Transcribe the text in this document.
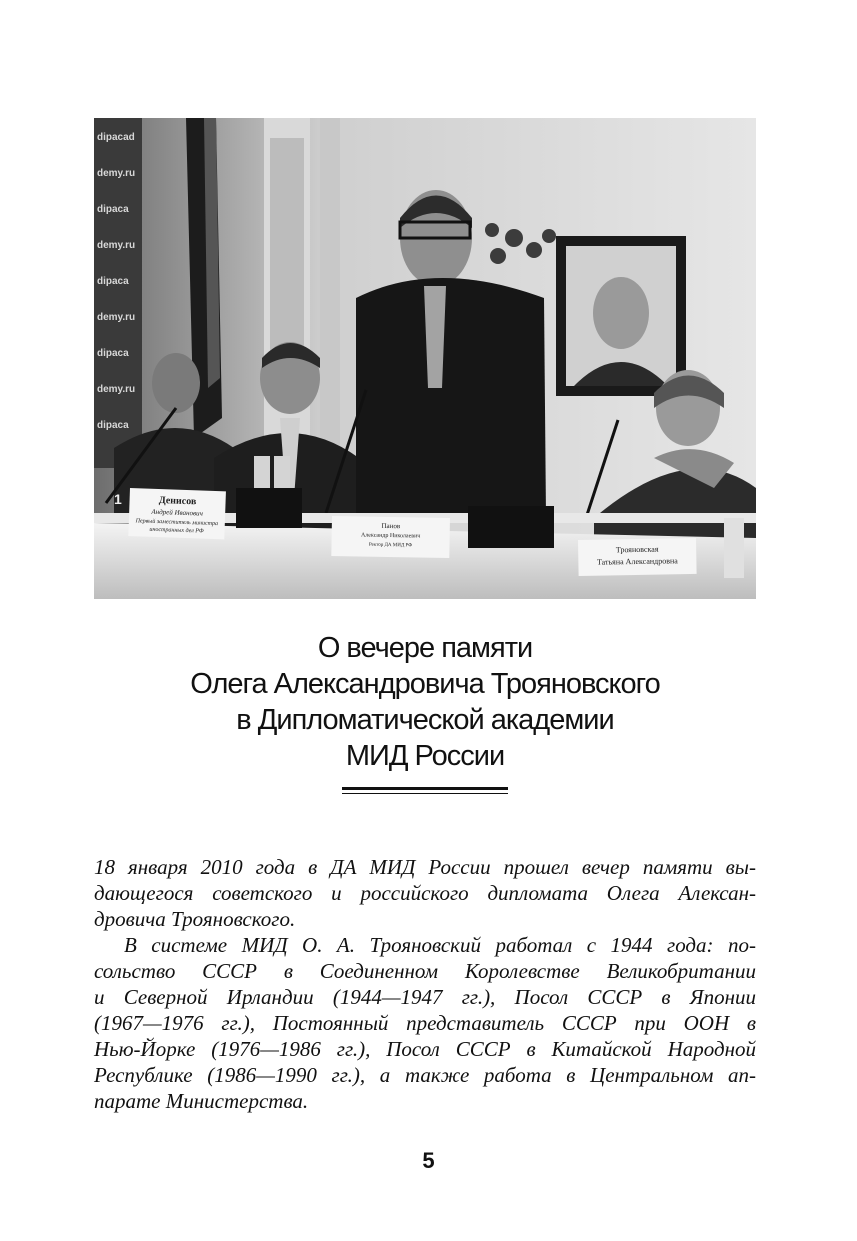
dipacad
demy.ru
dipaca
demy.ru
dipaca
demy.ru
dipaca
demy.ru
dipaca
1	Денисов
Андрей Иванович
Первый заместитель министра
иностранных дел РФ
Панов
Александр Николаевич
Ректор ДА МИД РФ	Трояновская
Татьяна Александровна
О вечере памяти
Олега Александровича Трояновского
в Дипломатической академии
МИД России
18 января 2010 года в ДА МИД России прошел вечер памяти вы-
дающегося советского и российского дипломата Олега Алексан-
дровича Трояновского.
В системе МИД О. А. Трояновский работал с 1944 года: по-
сольство СССР в Соединенном Королевстве Великобритании
и Северной Ирландии (1944—1947 гг.), Посол СССР в Японии
(1967—1976 гг.), Постоянный представитель СССР при ООН в
Нью-Йорке (1976—1986 гг.), Посол СССР в Китайской Народной
Республике (1986—1990 гг.), а также работа в Центральном ап-
парате Министерства.
5
